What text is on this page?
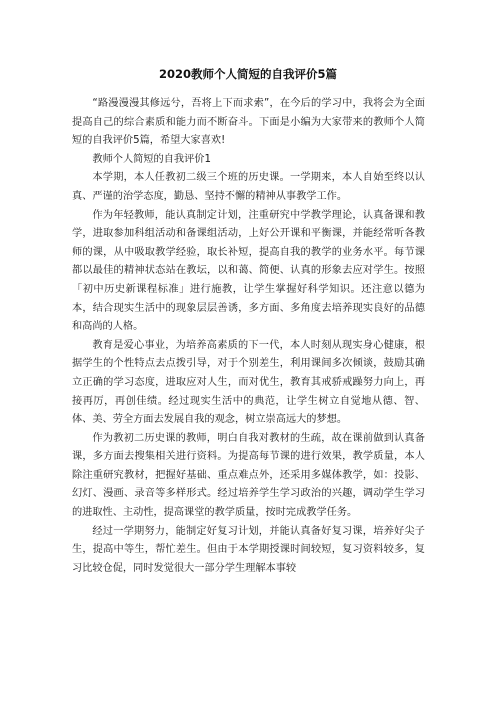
2020教师个人简短的自我评价5篇

“路漫漫漫其修远兮，吾将上下而求索”，在今后的学习中，我将会为全面提高自己的综合素质和能力而不断奋斗。下面是小编为大家带来的教师个人简短的自我评价5篇，希望大家喜欢!

教师个人简短的自我评价1

本学期，本人任教初二级三个班的历史课。一学期来，本人自始至终以认真、严谨的治学态度，勤恳、坚持不懈的精神从事教学工作。

作为年轻教师，能认真制定计划，注重研究中学教学理论，认真备课和教学，进取参加科组活动和备课组活动，上好公开课和平衡课，并能经常听各教师的课，从中吸取教学经验，取长补短，提高自我的教学的业务水平。每节课都以最佳的精神状态站在教坛，以和蔼、简便、认真的形象去应对学生。按照「初中历史新课程标准」进行施教，让学生掌握好科学知识。还注意以德为本，结合现实生活中的现象层层善诱，多方面、多角度去培养现实良好的品德和高尚的人格。

教育是爱心事业，为培养高素质的下一代，本人时刻从现实身心健康，根据学生的个性特点去点拨引导，对于个别差生，利用课间多次倾谈，鼓励其确立正确的学习态度，进取应对人生，而对优生，教育其戒骄戒躁努力向上，再接再厉，再创佳绩。经过现实生活中的典范，让学生树立自觉地从德、智、体、美、劳全方面去发展自我的观念，树立崇高远大的梦想。

作为教初二历史课的教师，明白自我对教材的生疏，故在课前做到认真备课，多方面去搜集相关进行资料。为提高每节课的进行效果，教学质量，本人除注重研究教材，把握好基础、重点难点外，还采用多媒体教学，如：投影、幻灯、漫画、录音等多样形式。经过培养学生学习政治的兴趣，调动学生学习的进取性、主动性，提高课堂的教学质量，按时完成教学任务。

经过一学期努力，能制定好复习计划，并能认真备好复习课，培养好尖子生，提高中等生，帮忙差生。但由于本学期授课时间较短，复习资料较多，复习比较仓促，同时发觉很大一部分学生理解本事较
